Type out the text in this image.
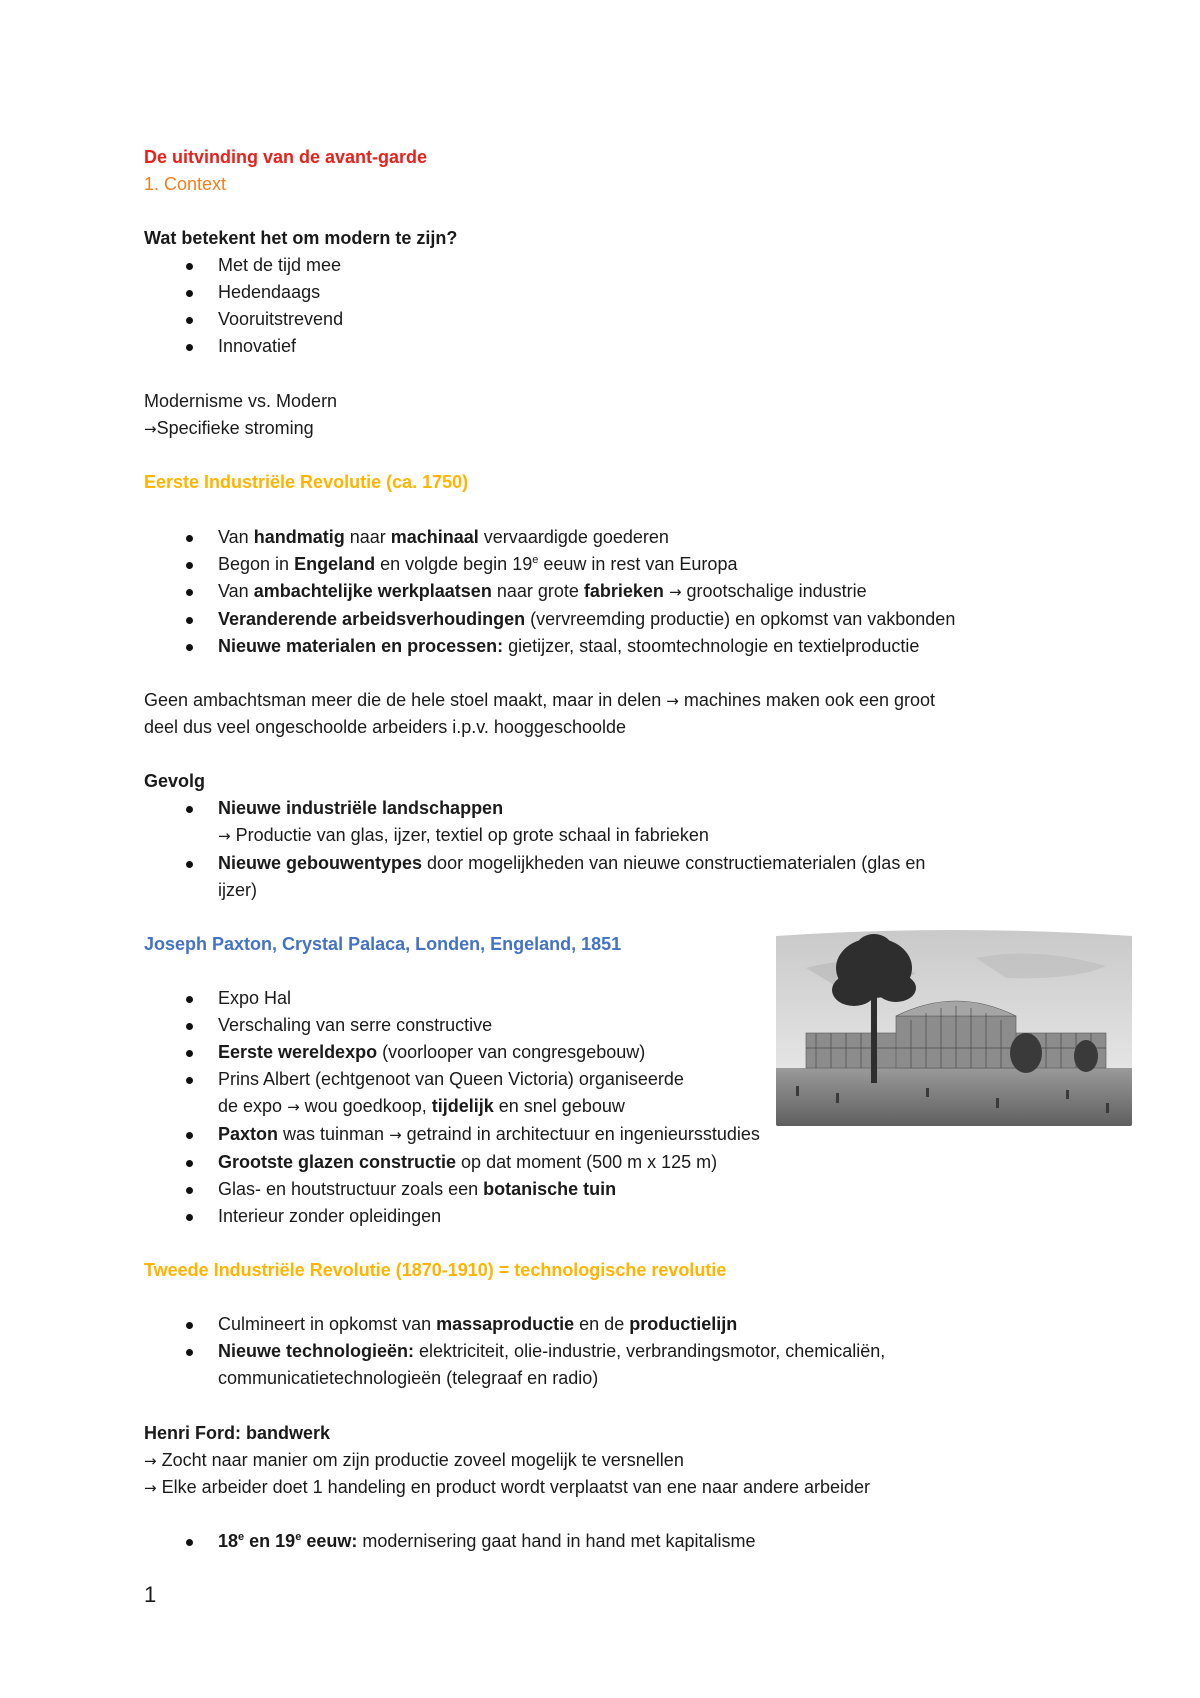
De uitvinding van de avant-garde

1. Context

Wat betekent het om modern te zijn?

Met de tijd mee
Hedendaags
Vooruitstrevend
Innovatief

Modernisme vs. Modern

→Specifieke stroming

Eerste Industriële Revolutie (ca. 1750)

Van handmatig naar machinaal vervaardigde goederen
Begon in Engeland en volgde begin 19e eeuw in rest van Europa
Van ambachtelijke werkplaatsen naar grote fabrieken → grootschalige industrie
Veranderende arbeidsverhoudingen (vervreemding productie) en opkomst van vakbonden
Nieuwe materialen en processen: gietijzer, staal, stoomtechnologie en textielproductie

Geen ambachtsman meer die de hele stoel maakt, maar in delen → machines maken ook een groot

deel dus veel ongeschoolde arbeiders i.p.v. hooggeschoolde

Gevolg

Nieuwe industriële landschappen
→ Productie van glas, ijzer, textiel op grote schaal in fabrieken
Nieuwe gebouwentypes door mogelijkheden van nieuwe constructiematerialen (glas en
ijzer)

Joseph Paxton, Crystal Palaca, Londen, Engeland, 1851

Expo Hal
Verschaling van serre constructive
Eerste wereldexpo (voorlooper van congresgebouw)
Prins Albert (echtgenoot van Queen Victoria) organiseerde
de expo → wou goedkoop, tijdelijk en snel gebouw
Paxton was tuinman → getraind in architectuur en ingenieursstudies
Grootste glazen constructie op dat moment (500 m x 125 m)
Glas- en houtstructuur zoals een botanische tuin
Interieur zonder opleidingen

Tweede Industriële Revolutie (1870-1910) = technologische revolutie

Culmineert in opkomst van massaproductie en de productielijn
Nieuwe technologieën: elektriciteit, olie-industrie, verbrandingsmotor, chemicaliën,
communicatietechnologieën (telegraaf en radio)

Henri Ford: bandwerk

→ Zocht naar manier om zijn productie zoveel mogelijk te versnellen

→ Elke arbeider doet 1 handeling en product wordt verplaatst van ene naar andere arbeider

18e en 19e eeuw: modernisering gaat hand in hand met kapitalisme
1
